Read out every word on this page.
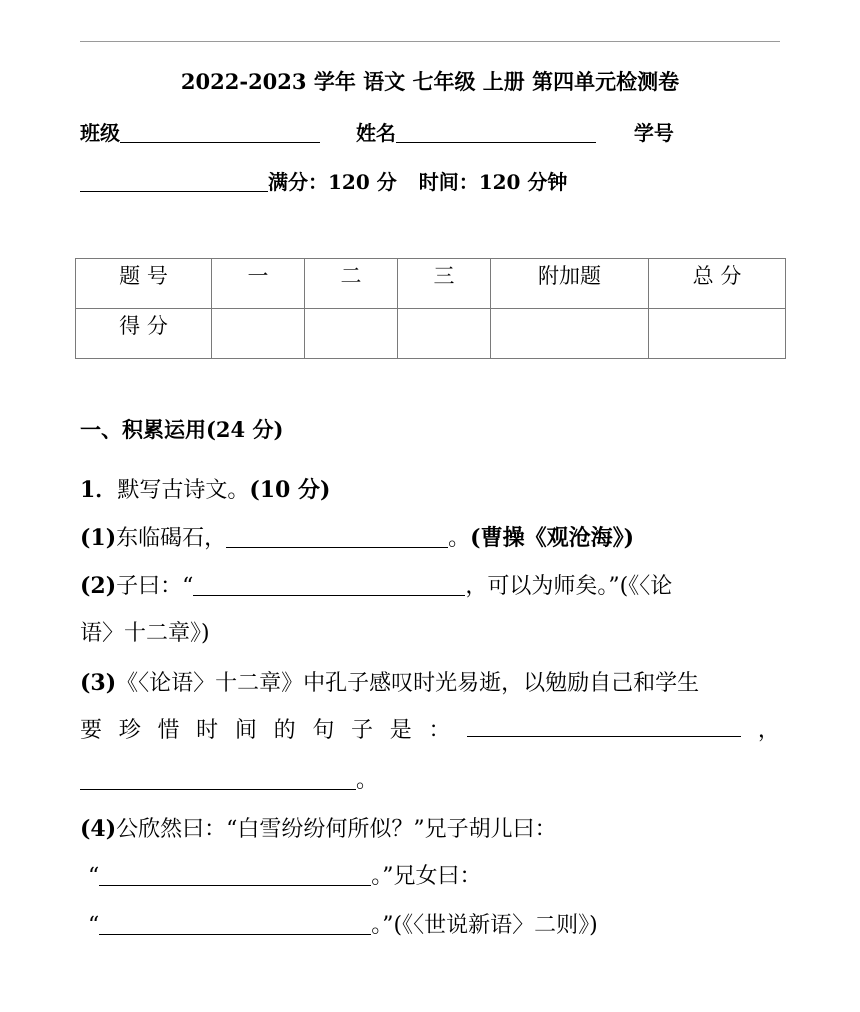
2022-2023 学年 语文 七年级 上册 第四单元检测卷
班级	姓名	学号
满分：120 分 时间：120 分钟
题 号	一	二	三	附加题	总 分
得 分					
一、积累运用(24 分)
1．默写古诗文。(10 分)
(1)东临碣石，	。(曹操《观沧海》)
(2)子曰：“	，可以为师矣。”(《〈论
语〉十二章》)
(3)《〈论语〉十二章》中孔子感叹时光易逝，以勉励自己和学生
要 珍 惜 时 间 的 句 子 是 ：	，
。
(4)公欣然曰：“白雪纷纷何所似？”兄子胡儿曰：
“	。”兄女曰：
“	。”(《〈世说新语〉二则》)
